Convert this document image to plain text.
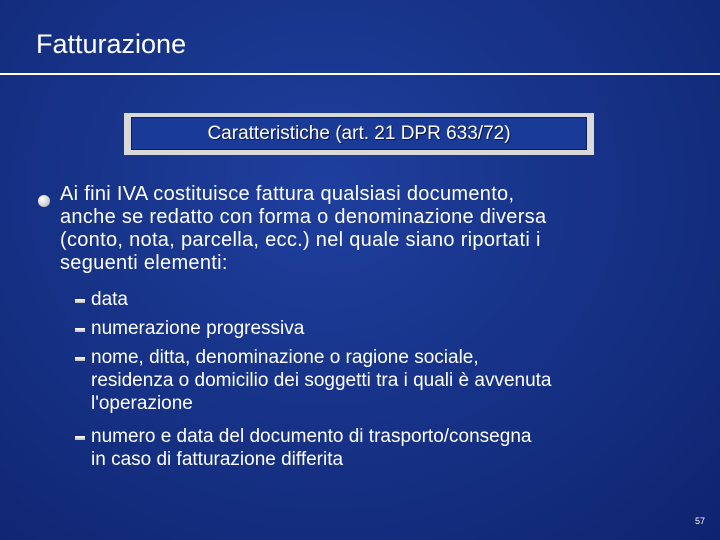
Fatturazione
Caratteristiche (art. 21 DPR 633/72)
Ai fini IVA costituisce fattura qualsiasi documento,
anche se redatto con forma o denominazione diversa
(conto, nota, parcella, ecc.) nel quale siano riportati i
seguenti elementi:
data
numerazione progressiva
nome, ditta, denominazione o ragione sociale,
residenza o domicilio dei soggetti tra i quali è avvenuta
l'operazione
numero e data del documento di trasporto/consegna
in caso di fatturazione differita
57
